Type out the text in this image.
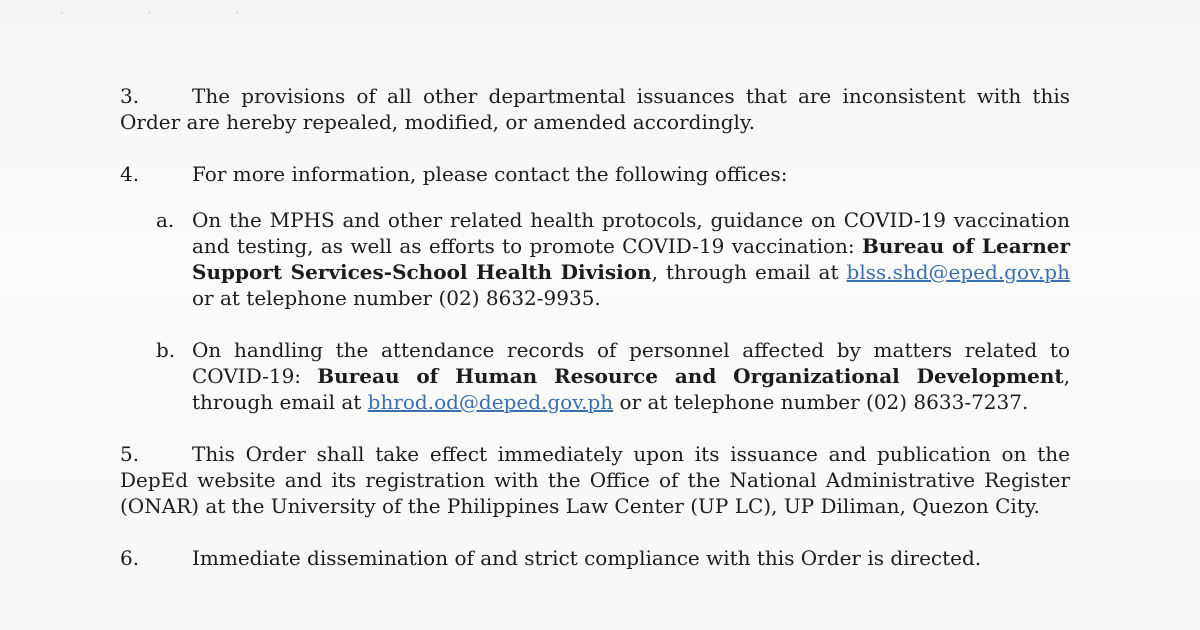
· · ·

3.	The provisions of all other departmental issuances that are inconsistent with this Order are hereby repealed, modified, or amended accordingly.

4.	For more information, please contact the following offices:

a. On the MPHS and other related health protocols, guidance on COVID-19 vaccination and testing, as well as efforts to promote COVID-19 vaccination: Bureau of Learner Support Services-School Health Division, through email at blss.shd@eped.gov.ph or at telephone number (02) 8632-9935.
b. On handling the attendance records of personnel affected by matters related to COVID-19: Bureau of Human Resource and Organizational Development, through email at bhrod.od@deped.gov.ph or at telephone number (02) 8633-7237.

5.	This Order shall take effect immediately upon its issuance and publication on the DepEd website and its registration with the Office of the National Administrative Register (ONAR) at the University of the Philippines Law Center (UP LC), UP Diliman, Quezon City.

6.	Immediate dissemination of and strict compliance with this Order is directed.
